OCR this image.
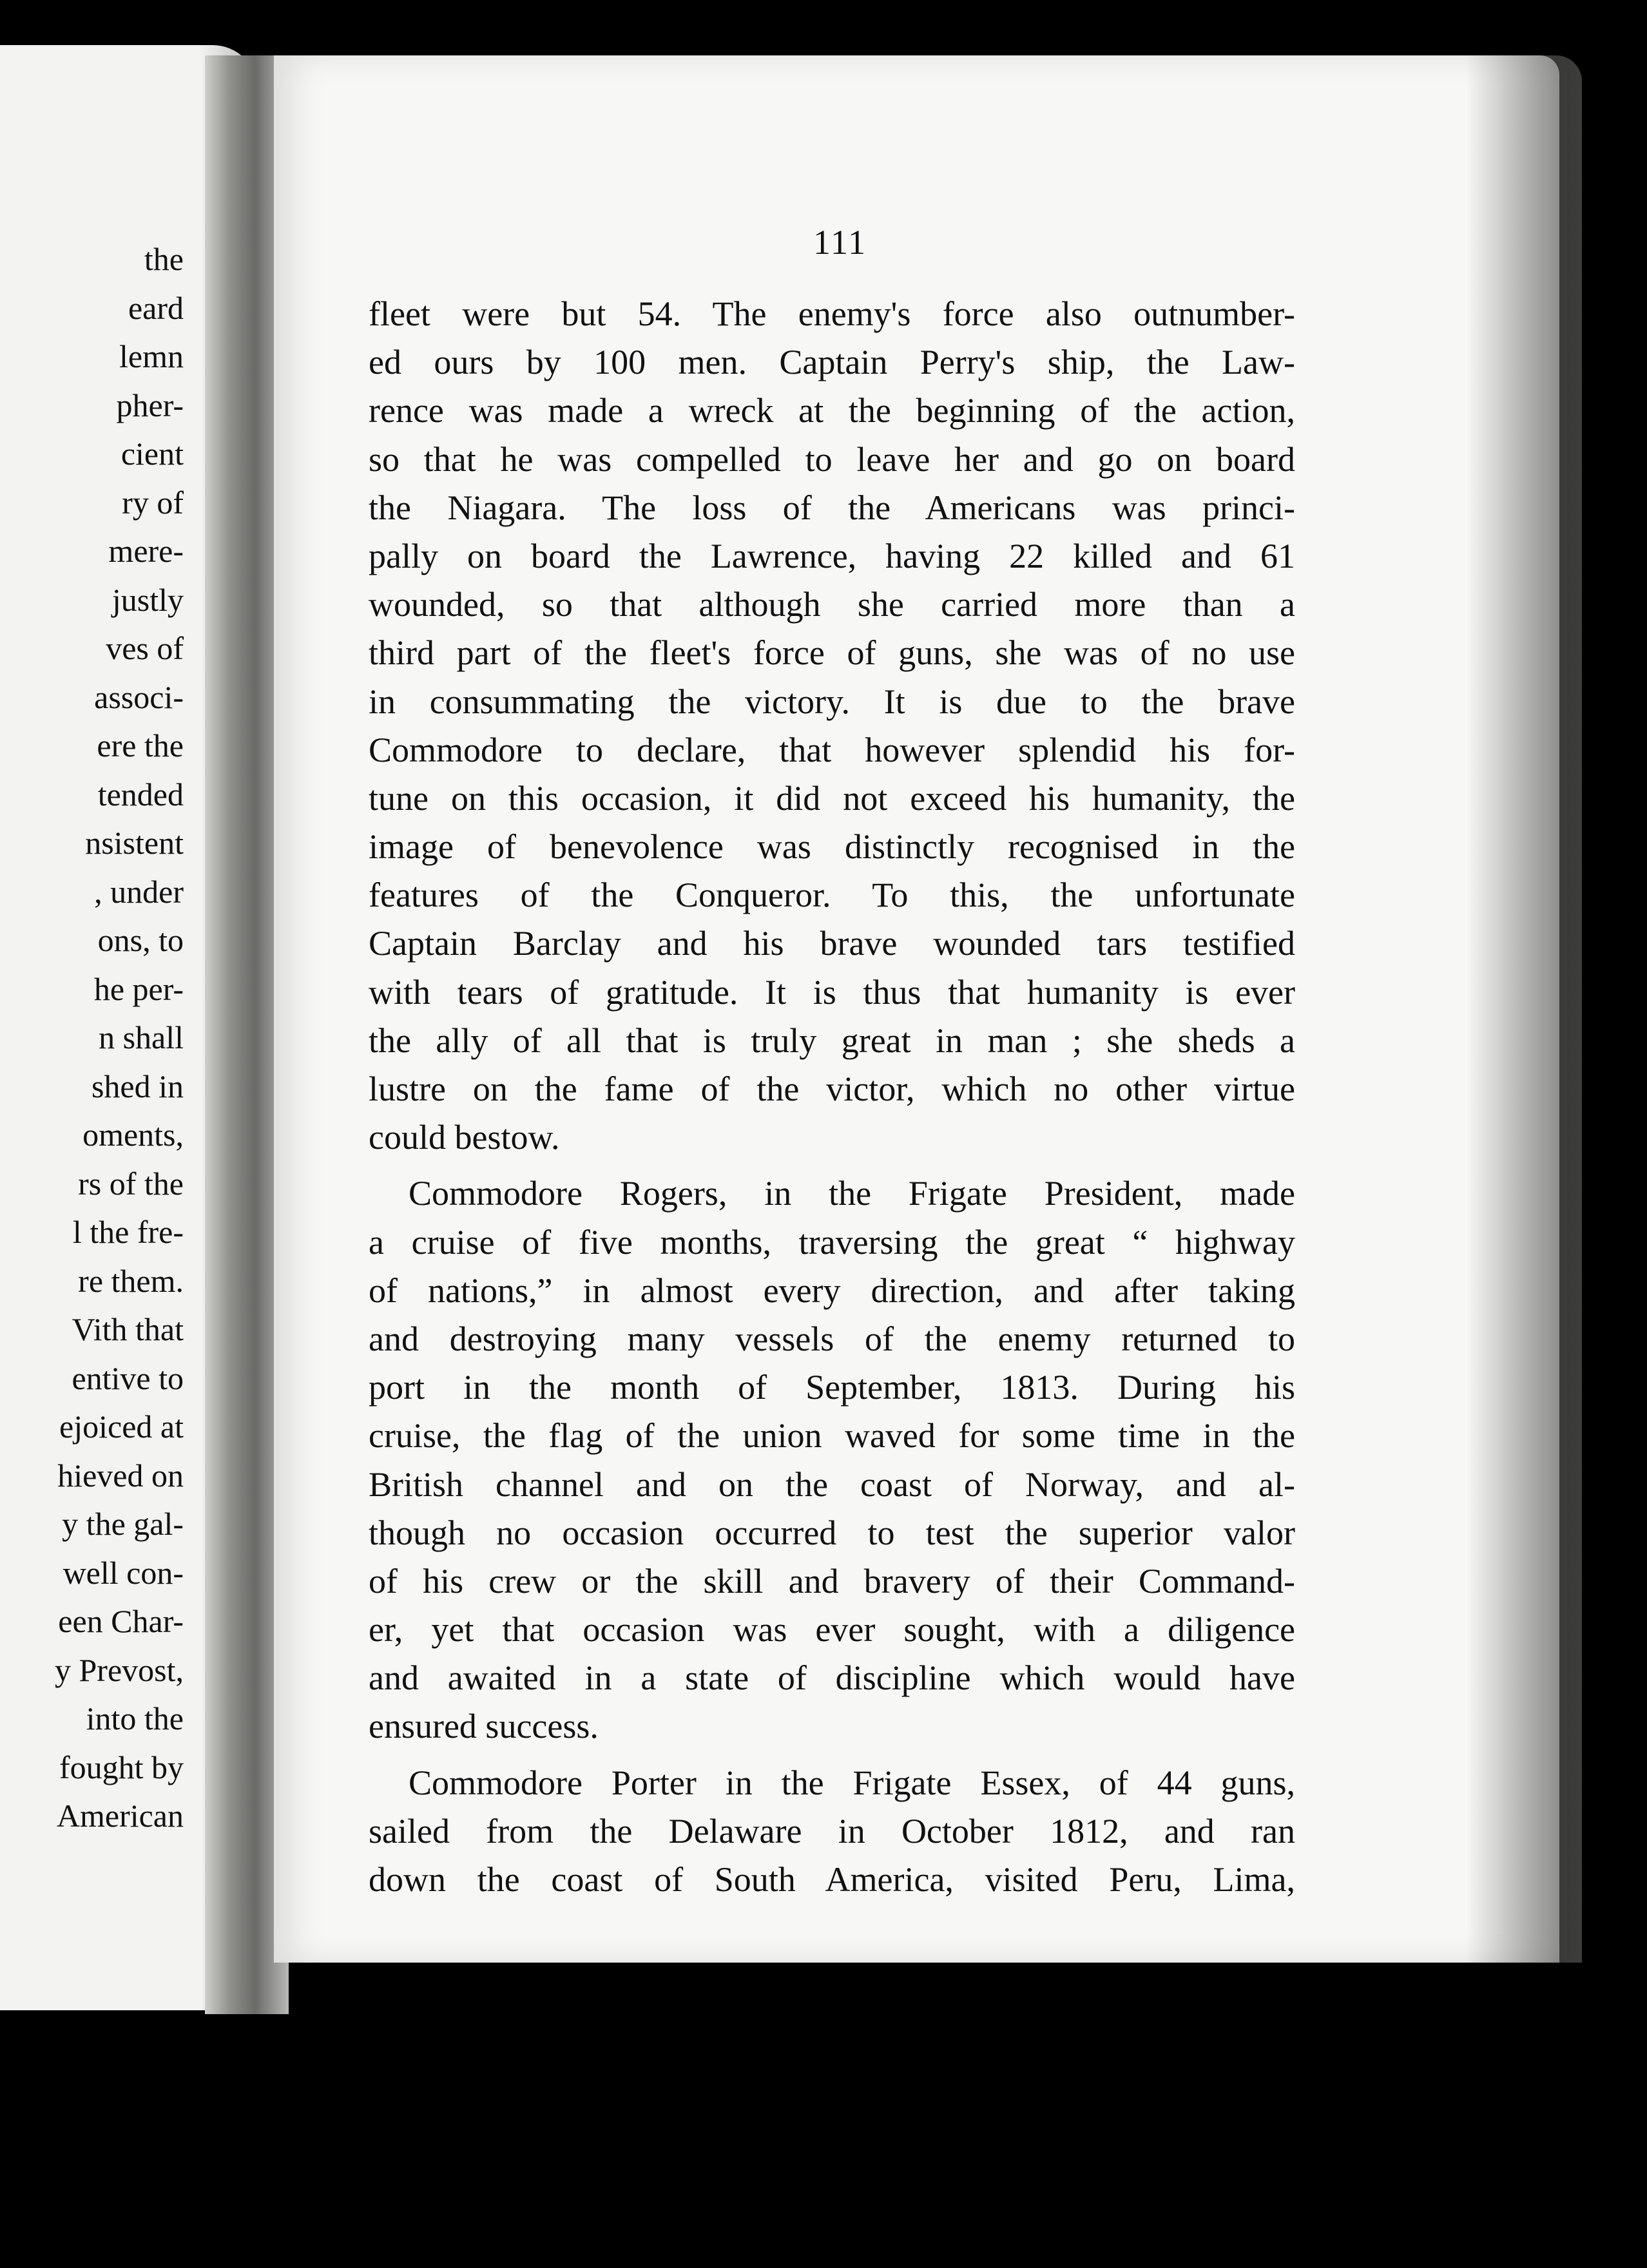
the
eard
lemn
pher-
cient
ry of
mere-
justly
ves of
associ-
ere the
tended
nsistent
, under
ons, to
he per-
n shall
shed in
oments,
rs of the
l the fre-
re them.
Vith that
entive to
ejoiced at
hieved on
y the gal-
well con-
een Char-
y Prevost,
into the
fought by
American
111
fleet were but 54. The enemy's force also outnumber-
ed ours by 100 men. Captain Perry's ship, the Law-
rence was made a wreck at the beginning of the action,
so that he was compelled to leave her and go on board
the Niagara. The loss of the Americans was princi-
pally on board the Lawrence, having 22 killed and 61
wounded, so that although she carried more than a
third part of the fleet's force of guns, she was of no use
in consummating the victory. It is due to the brave
Commodore to declare, that however splendid his for-
tune on this occasion, it did not exceed his humanity, the
image of benevolence was distinctly recognised in the
features of the Conqueror. To this, the unfortunate
Captain Barclay and his brave wounded tars testified
with tears of gratitude. It is thus that humanity is ever
the ally of all that is truly great in man ; she sheds a
lustre on the fame of the victor, which no other virtue
could bestow.
Commodore Rogers, in the Frigate President, made
a cruise of five months, traversing the great “ highway
of nations,” in almost every direction, and after taking
and destroying many vessels of the enemy returned to
port in the month of September, 1813. During his
cruise, the flag of the union waved for some time in the
British channel and on the coast of Norway, and al-
though no occasion occurred to test the superior valor
of his crew or the skill and bravery of their Command-
er, yet that occasion was ever sought, with a diligence
and awaited in a state of discipline which would have
ensured success.
Commodore Porter in the Frigate Essex, of 44 guns,
sailed from the Delaware in October 1812, and ran
down the coast of South America, visited Peru, Lima,
